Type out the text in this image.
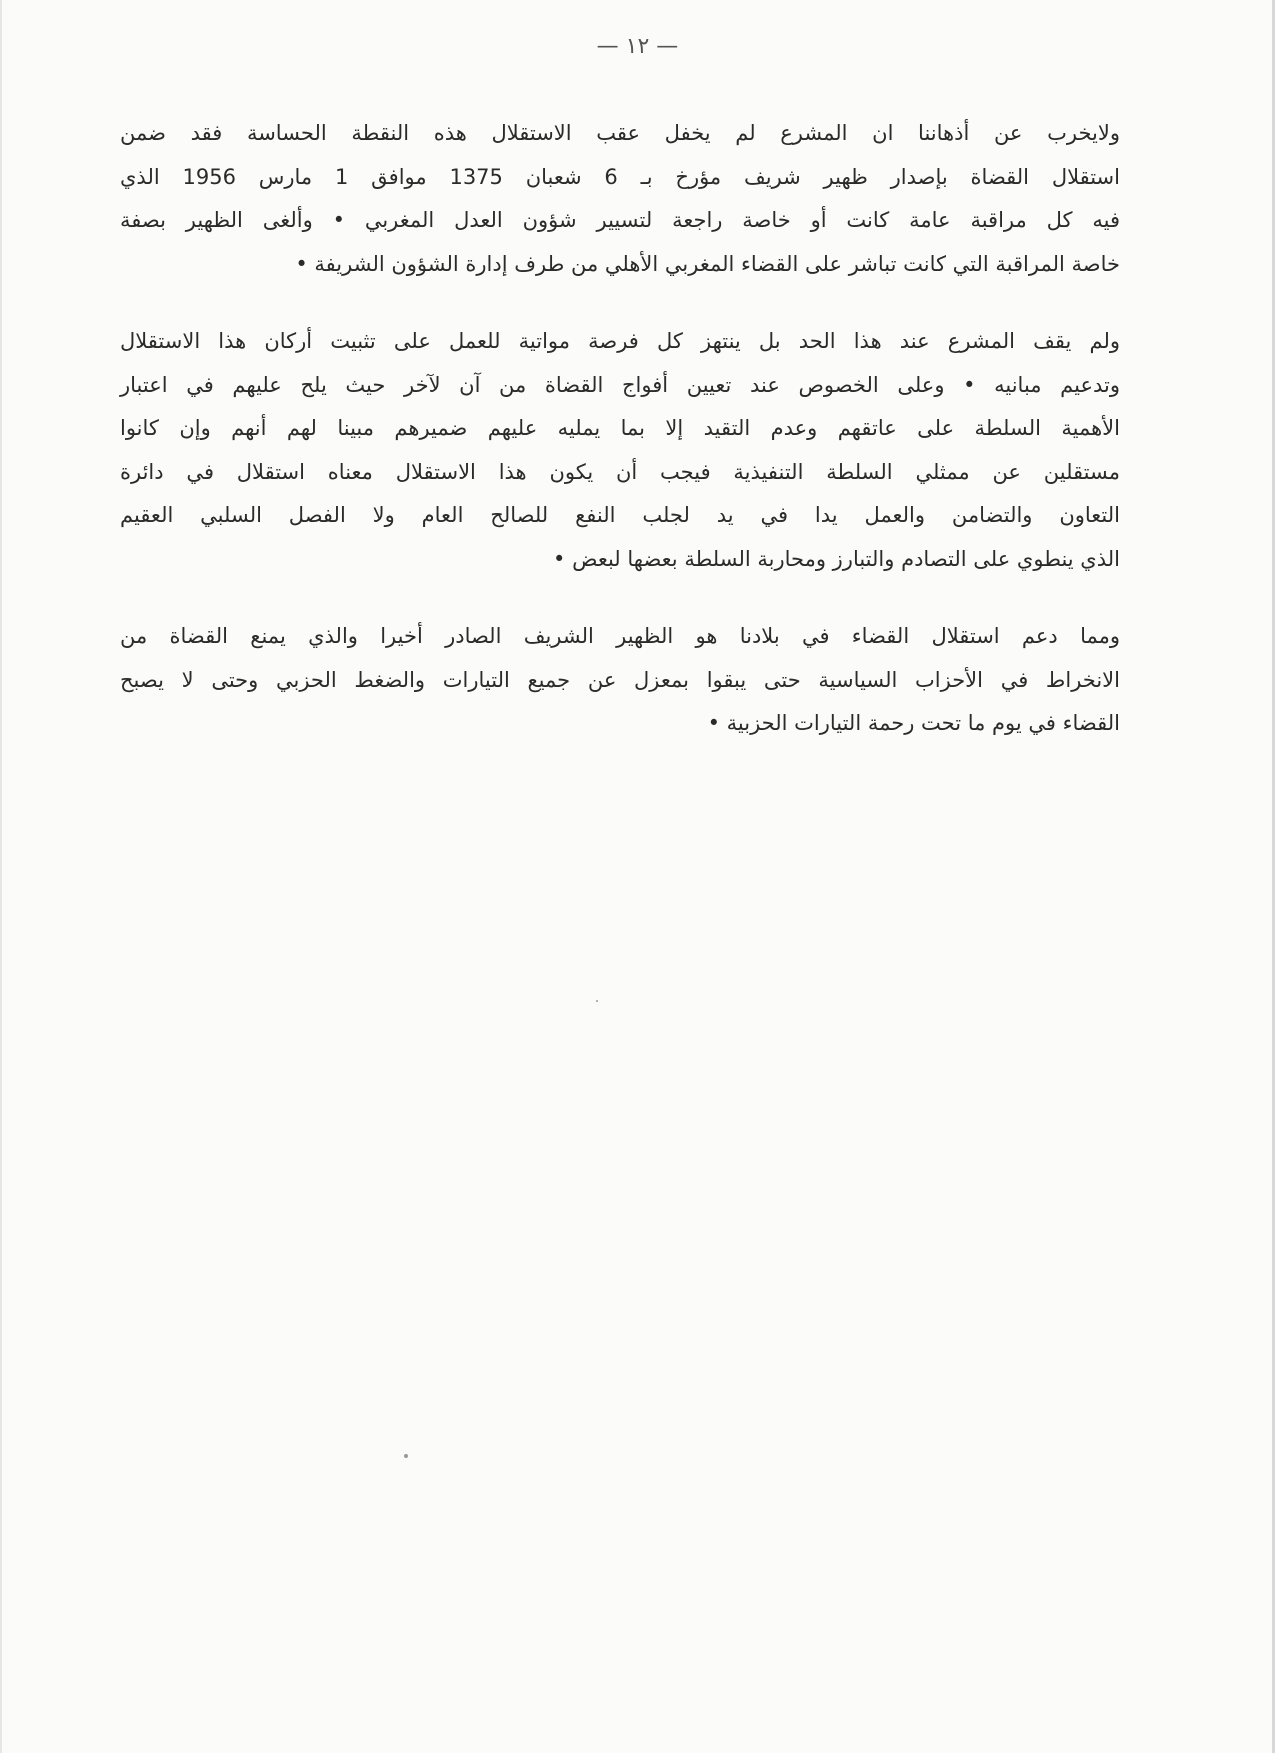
— ١٢ —

ولايخرب عن أذهاننا ان المشرع لم يخفل عقب الاستقلال هذه النقطة الحساسة فقد ضمن
استقلال القضاة بإصدار ظهير شريف مؤرخ بـ 6 شعبان 1375 موافق 1 مارس 1956 الذي
فيه كل مراقبة عامة كانت أو خاصة راجعة لتسيير شؤون العدل المغربي • وألغى الظهير بصفة
خاصة المراقبة التي كانت تباشر على القضاء المغربي الأهلي من طرف إدارة الشؤون الشريفة •

ولم يقف المشرع عند هذا الحد بل ينتهز كل فرصة مواتية للعمل على تثبيت أركان هذا الاستقلال
وتدعيم مبانيه • وعلى الخصوص عند تعيين أفواج القضاة من آن لآخر حيث يلح عليهم في اعتبار
الأهمية السلطة على عاتقهم وعدم التقيد إلا بما يمليه عليهم ضميرهم مبينا لهم أنهم وإن كانوا
مستقلين عن ممثلي السلطة التنفيذية فيجب أن يكون هذا الاستقلال معناه استقلال في دائرة
التعاون والتضامن والعمل يدا في يد لجلب النفع للصالح العام ولا الفصل السلبي العقيم
الذي ينطوي على التصادم والتبارز ومحاربة السلطة بعضها لبعض •

ومما دعم استقلال القضاء في بلادنا هو الظهير الشريف الصادر أخيرا والذي يمنع القضاة من
الانخراط في الأحزاب السياسية حتى يبقوا بمعزل عن جميع التيارات والضغط الحزبي وحتى لا يصبح
القضاء في يوم ما تحت رحمة التيارات الحزبية •
